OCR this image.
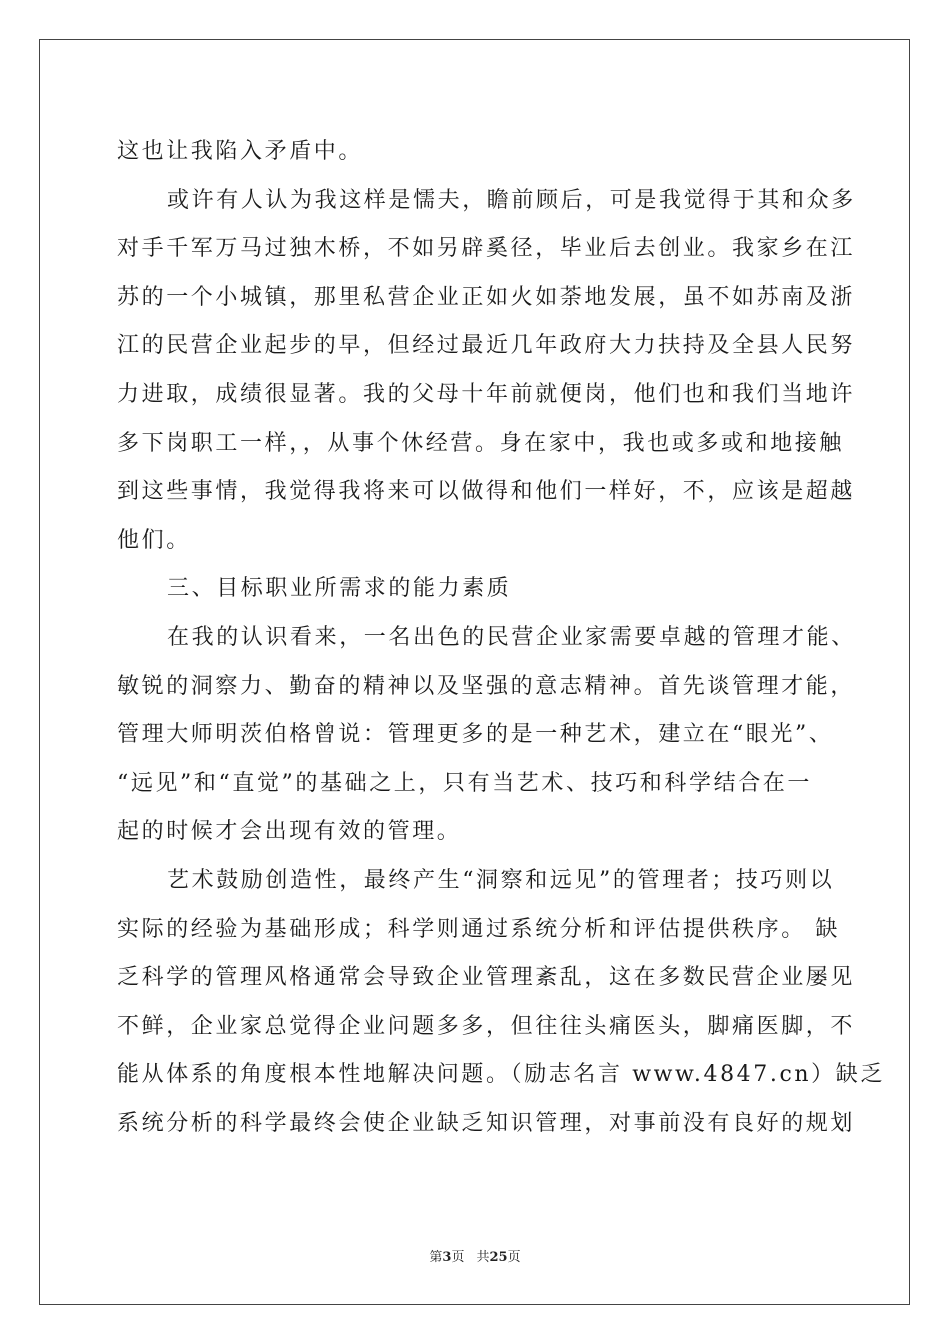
这也让我陷入矛盾中。
或许有人认为我这样是懦夫，瞻前顾后，可是我觉得于其和众多
对手千军万马过独木桥，不如另辟奚径，毕业后去创业。我家乡在江
苏的一个小城镇，那里私营企业正如火如荼地发展，虽不如苏南及浙
江的民营企业起步的早，但经过最近几年政府大力扶持及全县人民努
力进取，成绩很显著。我的父母十年前就便岗，他们也和我们当地许
多下岗职工一样，，从事个休经营。身在家中，我也或多或和地接触
到这些事情，我觉得我将来可以做得和他们一样好，不，应该是超越
他们。
三、目标职业所需求的能力素质
在我的认识看来，一名出色的民营企业家需要卓越的管理才能、
敏锐的洞察力、勤奋的精神以及坚强的意志精神。首先谈管理才能，
管理大师明茨伯格曾说：管理更多的是一种艺术，建立在“眼光”、
“远见”和“直觉”的基础之上，只有当艺术、技巧和科学结合在一
起的时候才会出现有效的管理。
艺术鼓励创造性，最终产生“洞察和远见”的管理者；技巧则以
实际的经验为基础形成；科学则通过系统分析和评估提供秩序。 缺
乏科学的管理风格通常会导致企业管理紊乱，这在多数民营企业屡见
不鲜，企业家总觉得企业问题多多，但往往头痛医头，脚痛医脚，不
能从体系的角度根本性地解决问题。（励志名言 www.4847.cn）缺乏
系统分析的科学最终会使企业缺乏知识管理，对事前没有良好的规划
第3页 共25页
